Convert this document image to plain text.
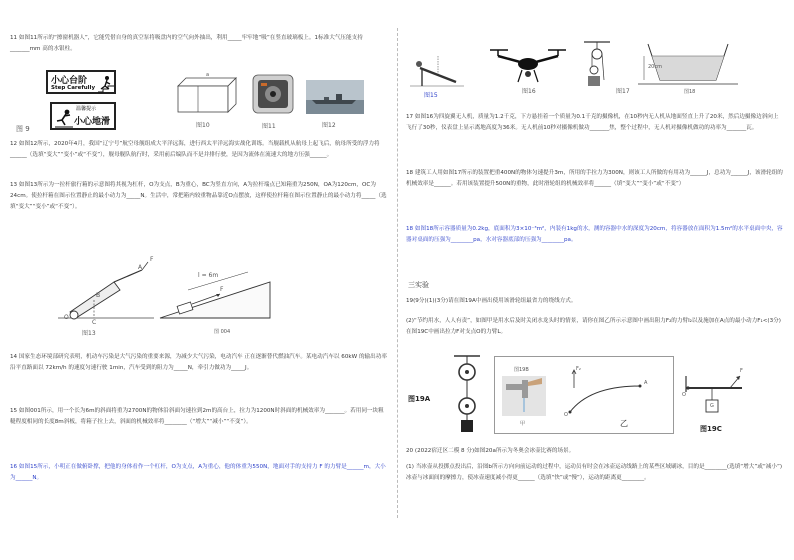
11 如图11所示的“擦窗机器人”，它能凭借自身的真空泵将吸盘内的空气向外抽出，利用_____牢牢地“吸”在竖直玻璃板上。1标准大气压能支持_______mm 高的水银柱。
小心台阶
Step Carefully
温馨提示
小心地滑
图 9
a
图10	图11	图12
12 如图12所示，2020年4月，我国“辽宁号”航空母舰组成大平洋远海，进行西太平洋远海实战化训练。当舰载机从航母上起飞后，航母所受的浮力将______（选填“变大”“变小”或“不变”），舰母舰队航行时，采用前后编队而不是并排行驶，是因为流体在流速大的地方压强______。
13 如图13所示为一拉杆旅行箱的示意图将其视为杠杆，O为支点，B为重心，BC为竖直方向，A为拉杆端点已知箱重为250N，OA为120cm，OC为24cm。使拉杆箱在图示位置静止的最小动力为_____N。生活中，常把箱内较重物品靠近O点摆放，这样使拉杆箱在图示位置静止的最小动力将_____（选填“变大”“变小”或“不变”）。
A
F
B
O
C
图13
l = 6m
F
图 004
14 国家生态环境部研究表明，机动车污染是大气污染的重要来源，为减少大气污染，电动汽车 正在逐渐替代燃油汽车。某电动汽车以 60kW 的输出功率沿平直路面以 72km/h 的速度匀速行驶 1min，汽车受到的阻力为_____N，牵引力做功为_____J。
15 如图001所示，用一个长为6m的斜面将重为2700N的物体沿斜面匀速拉到2m的高台上，拉力为1200N时斜面的机械效率为_______。若用同一块粗糙程度相同的长度8m斜板，将箱子拉上去，斜面的机械效率将________（“增大”“减小”“不变”）。
16 如图15所示，小明正在做俯卧撑，把他的身体看作一个杠杆，O为支点，A为重心，他的体重为550N，地面对手的支持力 F 的力臂是______m，大小为______N。
图15
图16	图17
20cm
图18
17 如图16为四旋翼无人机，质量为1.2千克，下方悬挂着一个质量为0.1千克的摄像机，在10秒内无人机从地面竖直上升了20米，然后边摄像边斜向上飞行了30秒，仪表盘上显示离地高度为36米。无人机前10秒对摄像机做功_______焦，整个过程中，无人机对摄像机做功的功率为_______瓦。
18 建筑工人用如图17所示的装置把重400N的物体匀速提升3m，所用的手拉力为300N，则该工人所做的有用功为______J，总功为______J，该滑轮组的机械效率是______。若用该装置提升500N的重物，此时滑轮组的机械效率将______（填“变大”“变小”或“不变”）
18 如图18所示容器质量为0.2kg，底面积为3×10⁻³m²，内装有1kg的水，测的容器中水的深度为20cm，将容器放在面积为1.5m²的水平桌面中央，容器对桌面的压强为________pa，水对容器底部的压强为________pa。
三实验
19(9分)(1)(3分)请在图19A中画出使用该滑轮组最省力的绕线方式。
(2)“节约用水，人人有责”，如图甲是用水后及时关闭水龙头时的情景，请你在图乙所示示意图中画出阻力F₂的力臂l₂以及施加在A点的最小动力F₁<(3分)在图19C中画出拉力F对支点O的力臂L。
图19A
图19B
甲
F₂
A
O
乙
F
O
G
图19C
20 (2022宿迁区二模 8 分)如图20a所示为冬奥会冰壶比赛的场景。
(1) 当冰壶从投掷点投出后，沿图b所示方向向前运动的过程中，运动员有时会在冰壶运动线路上的某些区域刷冰，目的是________(选填“增大”或“减小”)冰壶与冰面间的摩擦力，使冰壶速度减小得更______（选填“快”或“慢”），运动的距离更________。
